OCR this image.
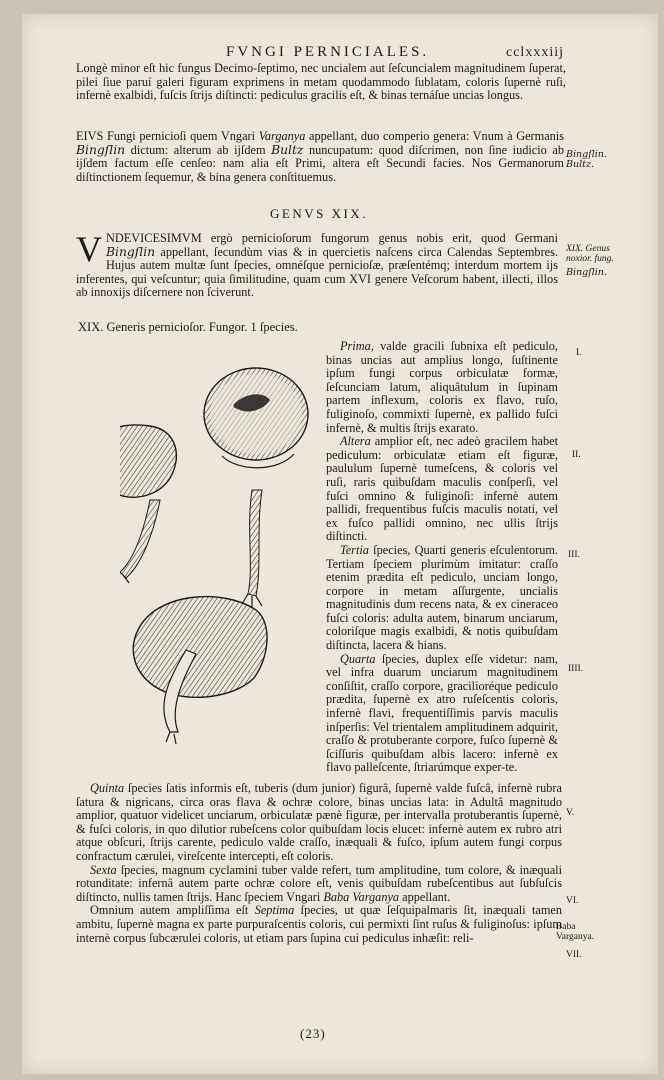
FVNGI PERNICIALES.	cclxxxiij
Longè minor eſt hic fungus Decimo-ſeptimo, nec uncialem aut ſeſcuncialem magnitudinem ſuperat, pilei ſiue paruí galeri figuram exprimens in metam quodammodo ſublatam, coloris ſupernè ruſi, infernè exalbidi, fuſcis ſtrijs diſtincti: pediculus gracilis eſt, & binas ternáſue uncias longus.
EIVS Fungi pernicioſi quem Vngari Varganya appellant, duo comperio genera: Vnum à Germanis Bingſlin dictum: alterum ab ijſdem Bultz nuncupatum: quod diſcrimen, non ſine iudicio ab ijſdem factum eſſe cenſeo: nam alia eſt Primi, altera eſt Secundi facies. Nos Germanorum diſtinctionem ſequemur, & bina genera conſtituemus.
Bingſlin. Bultz.
GENVS XIX.
VNDEVICESIMVM ergò pernicioſorum fungorum genus nobis erit, quod Germani Bingſlin appellant, ſecundùm vias & in quercietis naſcens circa Calendas Septembres. Hujus autem multæ ſunt ſpecies, omnéſque pernicioſæ, præſentémq; interdum mortem ijs inferentes, qui veſcuntur; quia ſimilitudine, quam cum XVI genere Veſcorum habent, illecti, illos ab innoxijs diſcernere non ſciverunt.
XIX. Genus noxior. fung.
Bingſlin.
XIX. Generis pernicioſor. Fungor. 1 ſpecies.

Prima, valde gracili ſubnixa eſt pediculo, binas uncias aut amplius longo, ſuſtinente ipſum fungi corpus orbiculatæ formæ, ſeſcunciam latum, aliquâtulum in ſupinam partem inflexum, coloris ex flavo, ruſo, fuliginoſo, commixti ſupernè, ex pallido fuſci infernè, & multis ſtrijs exarato.

Altera amplior eſt, nec adeò gracilem habet pediculum: orbiculatæ etiam eſt figuræ, paululum ſupernè tumeſcens, & coloris vel ruſi, raris quibuſdam maculis conſperſi, vel fuſci omnino & fuliginoſi: infernè autem pallidi, frequentibus fuſcis maculis notati, vel ex fuſco pallidi omnino, nec ullis ſtrijs diſtincti.

Tertia ſpecies, Quarti generis eſculentorum. Tertiam ſpeciem plurimùm imitatur: craſſo etenim prædita eſt pediculo, unciam longo, corpore in metam aſſurgente, uncialis magnitudinis dum recens nata, & ex cineraceo fuſci coloris: adulta autem, binarum unciarum, coloriſque magis exalbidi, & notis quibuſdam diſtincta, lacera & hians.

Quarta ſpecies, duplex eſſe videtur: nam, vel infra duarum unciarum magnitudinem conſiſtit, craſſo corpore, gracilioréque pediculo prædita, ſupernè ex atro ruſeſcentis coloris, infernè flavi, frequentiſſimis parvis maculis inſperſis: Vel trientalem amplitudinem adquirit, craſſo & protuberante corpore, fuſco ſupernè & ſciſſuris quibuſdam albis lacero: infernè ex flavo palleſcente, ſtriarúmque exper-te.

Quinta ſpecies ſatis informis eſt, tuberis (dum junior) figurâ, ſupernè valde fuſcâ, infernè rubra ſatura & nigricans, circa oras flava & ochræ colore, binas uncias lata: in Adultâ magnitudo amplior, quatuor videlicet unciarum, orbiculatæ pænè figuræ, per intervalla protuberantis ſupernè, & fuſci coloris, in quo dilutior rubeſcens color quibuſdam locis elucet: infernè autem ex rubro atri atque obſcuri, ſtrijs carente, pediculo valde craſſo, inæquali & fuſco, ipſum autem fungi corpus confractum cærulei, vireſcente intercepti, eſt coloris.

Sexta ſpecies, magnum cyclamini tuber valde refert, tum amplitudine, tum colore, & inæquali rotunditate: infernâ autem parte ochræ colore eſt, venis quibuſdam rubeſcentibus aut ſubſuſcis diſtincto, nullis tamen ſtrijs. Hanc ſpeciem Vngari Baba Varganya appellant.

Omnium autem ampliſſima eſt Septima ſpecies, ut quæ ſeſquipalmaris ſit, inæquali tamen ambitu, ſupernè magna ex parte purpuraſcentis coloris, cui permixti ſint ruſus & fuliginoſus: ipſum internè corpus ſubcærulei coloris, ut etiam pars ſupina cui pediculus inhæſit: reli-

I.
II.
III.
IIII.
V.
VI.
Baba Varganya.
VII.
(23)
